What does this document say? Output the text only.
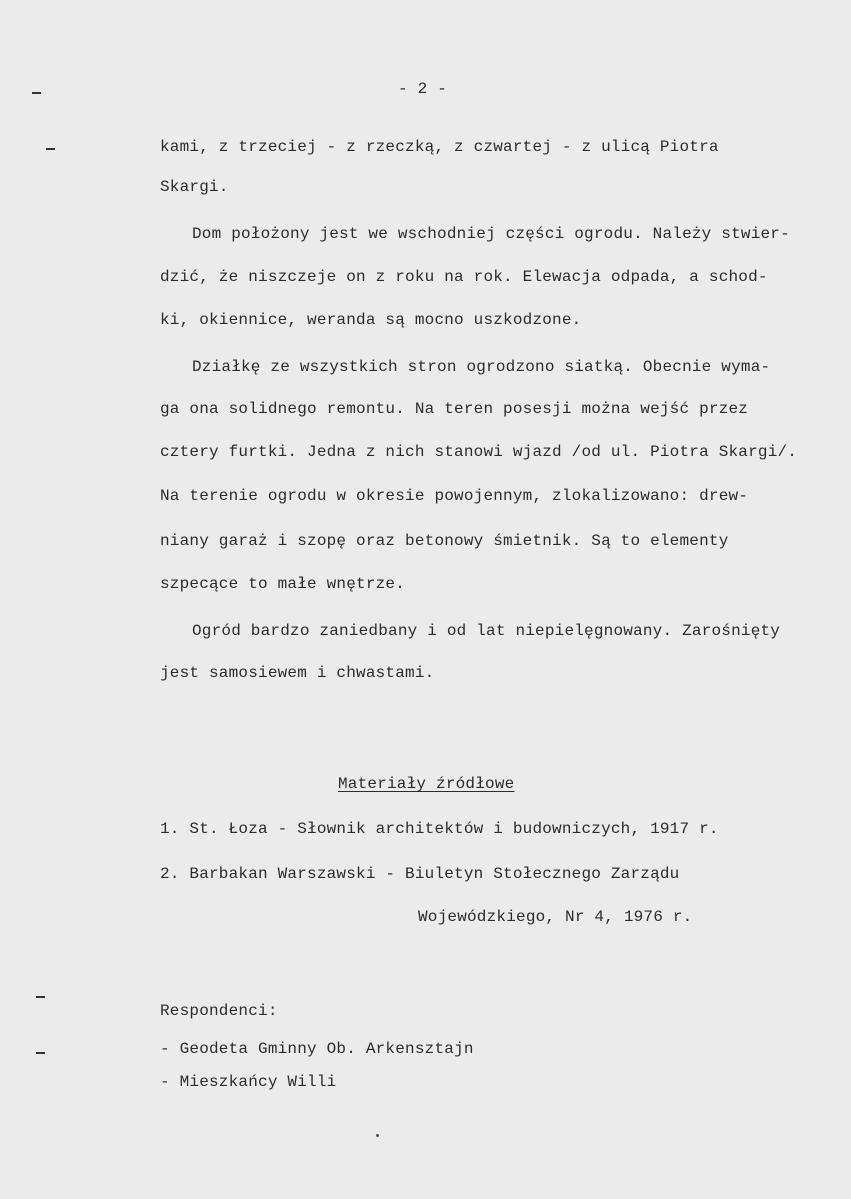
- 2 -
kami, z trzeciej - z rzeczką, z czwartej - z ulicą Piotra
Skargi.
Dom położony jest we wschodniej części ogrodu. Należy stwier-
dzić, że niszczeje on z roku na rok. Elewacja odpada, a schod-
ki, okiennice, weranda są mocno uszkodzone.
Działkę ze wszystkich stron ogrodzono siatką. Obecnie wyma-
ga ona solidnego remontu. Na teren posesji można wejść przez
cztery furtki. Jedna z nich stanowi wjazd /od ul. Piotra Skargi/.
Na terenie ogrodu w okresie powojennym, zlokalizowano: drew-
niany garaż i szopę oraz betonowy śmietnik. Są to elementy
szpecące to małe wnętrze.
Ogród bardzo zaniedbany i od lat niepielęgnowany. Zarośnięty
jest samosiewem i chwastami.
Materiały źródłowe
1. St. Łoza - Słownik architektów i budowniczych, 1917 r.
2. Barbakan Warszawski - Biuletyn Stołecznego Zarządu
Wojewódzkiego, Nr 4, 1976 r.
Respondenci:
- Geodeta Gminny Ob. Arkensztajn
- Mieszkańcy Willi
